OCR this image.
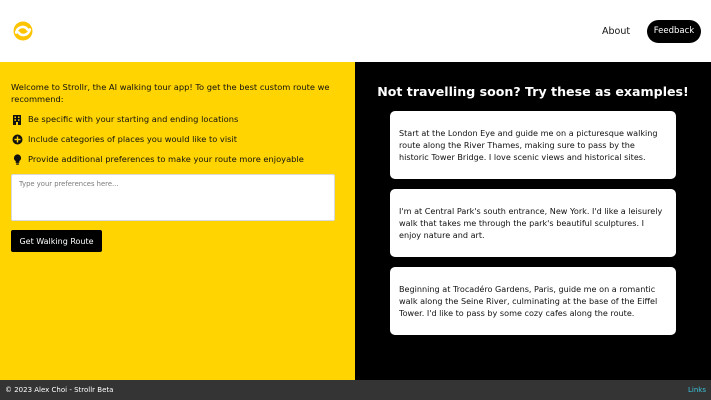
About	Feedback

Welcome to Strollr, the AI walking tour app! To get the best custom route we recommend:

Be specific with your starting and ending locations
Include categories of places you would like to visit
Provide additional preferences to make your route more enjoyable
Type your preferences here...
Get Walking Route
Not travelling soon? Try these as examples!
Start at the London Eye and guide me on a picturesque walking route along the River Thames, making sure to pass by the historic Tower Bridge. I love scenic views and historical sites.
I'm at Central Park's south entrance, New York. I'd like a leisurely walk that takes me through the park's beautiful sculptures. I enjoy nature and art.
Beginning at Trocadéro Gardens, Paris, guide me on a romantic walk along the Seine River, culminating at the base of the Eiffel Tower. I'd like to pass by some cozy cafes along the route.
© 2023 Alex Choi - Strollr Beta	Links
